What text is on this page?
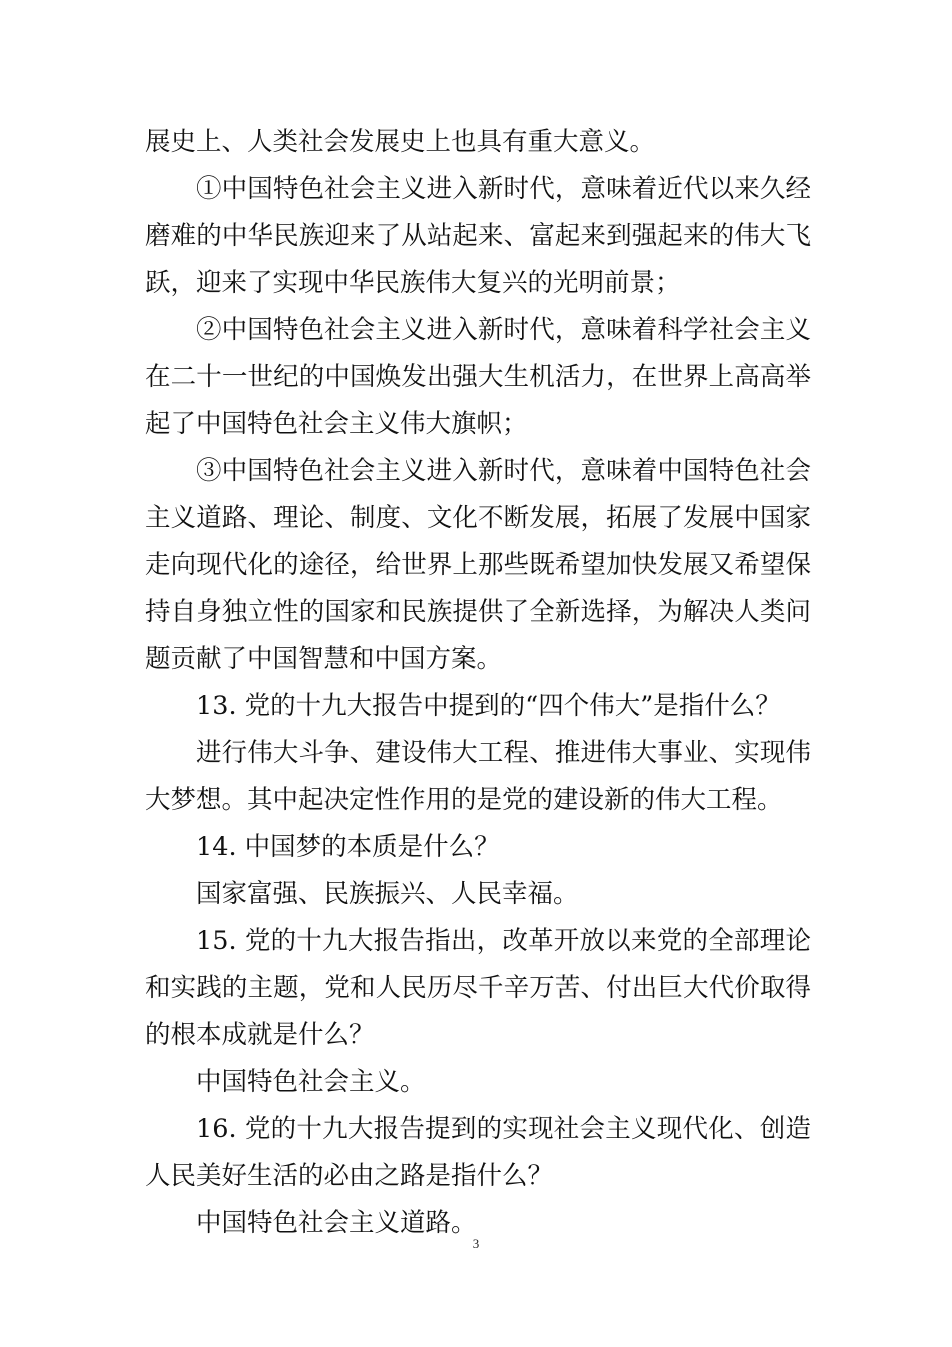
展史上、人类社会发展史上也具有重大意义。

①中国特色社会主义进入新时代，意味着近代以来久经磨难的中华民族迎来了从站起来、富起来到强起来的伟大飞跃，迎来了实现中华民族伟大复兴的光明前景；

②中国特色社会主义进入新时代，意味着科学社会主义在二十一世纪的中国焕发出强大生机活力，在世界上高高举起了中国特色社会主义伟大旗帜；

③中国特色社会主义进入新时代，意味着中国特色社会主义道路、理论、制度、文化不断发展，拓展了发展中国家走向现代化的途径，给世界上那些既希望加快发展又希望保持自身独立性的国家和民族提供了全新选择，为解决人类问题贡献了中国智慧和中国方案。

13. 党的十九大报告中提到的“四个伟大”是指什么？

进行伟大斗争、建设伟大工程、推进伟大事业、实现伟大梦想。其中起决定性作用的是党的建设新的伟大工程。

14. 中国梦的本质是什么？

国家富强、民族振兴、人民幸福。

15. 党的十九大报告指出，改革开放以来党的全部理论和实践的主题，党和人民历尽千辛万苦、付出巨大代价取得的根本成就是什么？

中国特色社会主义。

16. 党的十九大报告提到的实现社会主义现代化、创造人民美好生活的必由之路是指什么？

中国特色社会主义道路。

3
